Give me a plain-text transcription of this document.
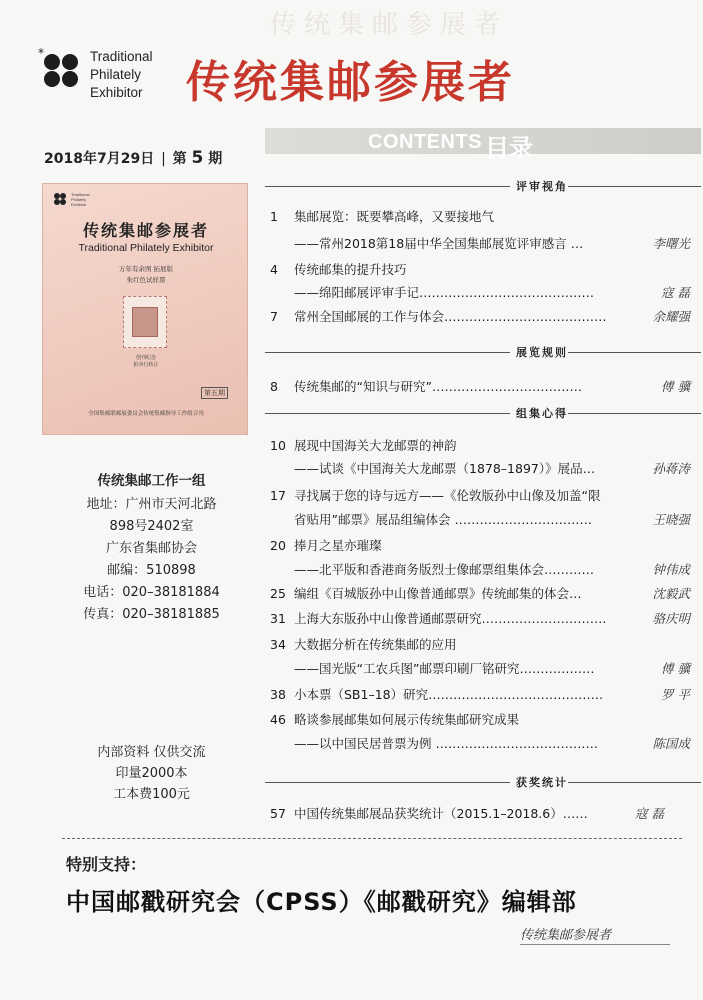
传统集邮参展者
*	Traditional
Philately
Exhibitor 传统集邮参展者
2018年7月29日 | 第 5 期
Traditional
Philately
Exhibitor
传统集邮参展者
Traditional Philately Exhibitor
万年有余图 拓展版
朱红色试样票
创刊纪念
拍卖行转让
第五期
全国集邮联邮展委员会传统集邮指导工作组合刊
传统集邮工作一组
地址：广州市天河北路
898号2402室
广东省集邮协会
邮编：510898
电话：020–38181884
传真：020–38181885
内部资料 仅供交流
印量2000本
工本费100元
CONTENTS 目录
评审视角
展览规则
组集心得
获奖统计
1 集邮展览：既要攀高峰，又要接地气
——常州2018第18届中华全国集邮展览评审感言 …	李曙光
4 传统邮集的提升技巧
——绵阳邮展评审手记……………………………………	寇 磊
7 常州全国邮展的工作与体会…………………………………	余耀强
8 传统集邮的“知识与研究”………………………………	傅 骥
10 展现中国海关大龙邮票的神韵
——试谈《中国海关大龙邮票（1878–1897）》展品…	孙蒋涛
17 寻找属于您的诗与远方——《伦敦版孙中山像及加盖“限
省贴用”邮票》展品组编体会 ……………………………	王晓强
20 捧月之星亦璀璨
——北平版和香港商务版烈士像邮票组集体会…………	钟伟成
25 编组《百城版孙中山像普通邮票》传统邮集的体会…	沈毅武
31 上海大东版孙中山像普通邮票研究…………………………	骆庆明
34 大数据分析在传统集邮的应用
——国光版“工农兵图”邮票印刷厂铭研究………………	傅 骥
38 小本票（SB1–18）研究……………………………………	罗 平
46 略谈参展邮集如何展示传统集邮研究成果
——以中国民居普票为例 …………………………………	陈国成
57 中国传统集邮展品获奖统计（2015.1–2018.6）……	寇 磊
特别支持：
中国邮戳研究会（CPSS）《邮戳研究》编辑部
传统集邮参展者
